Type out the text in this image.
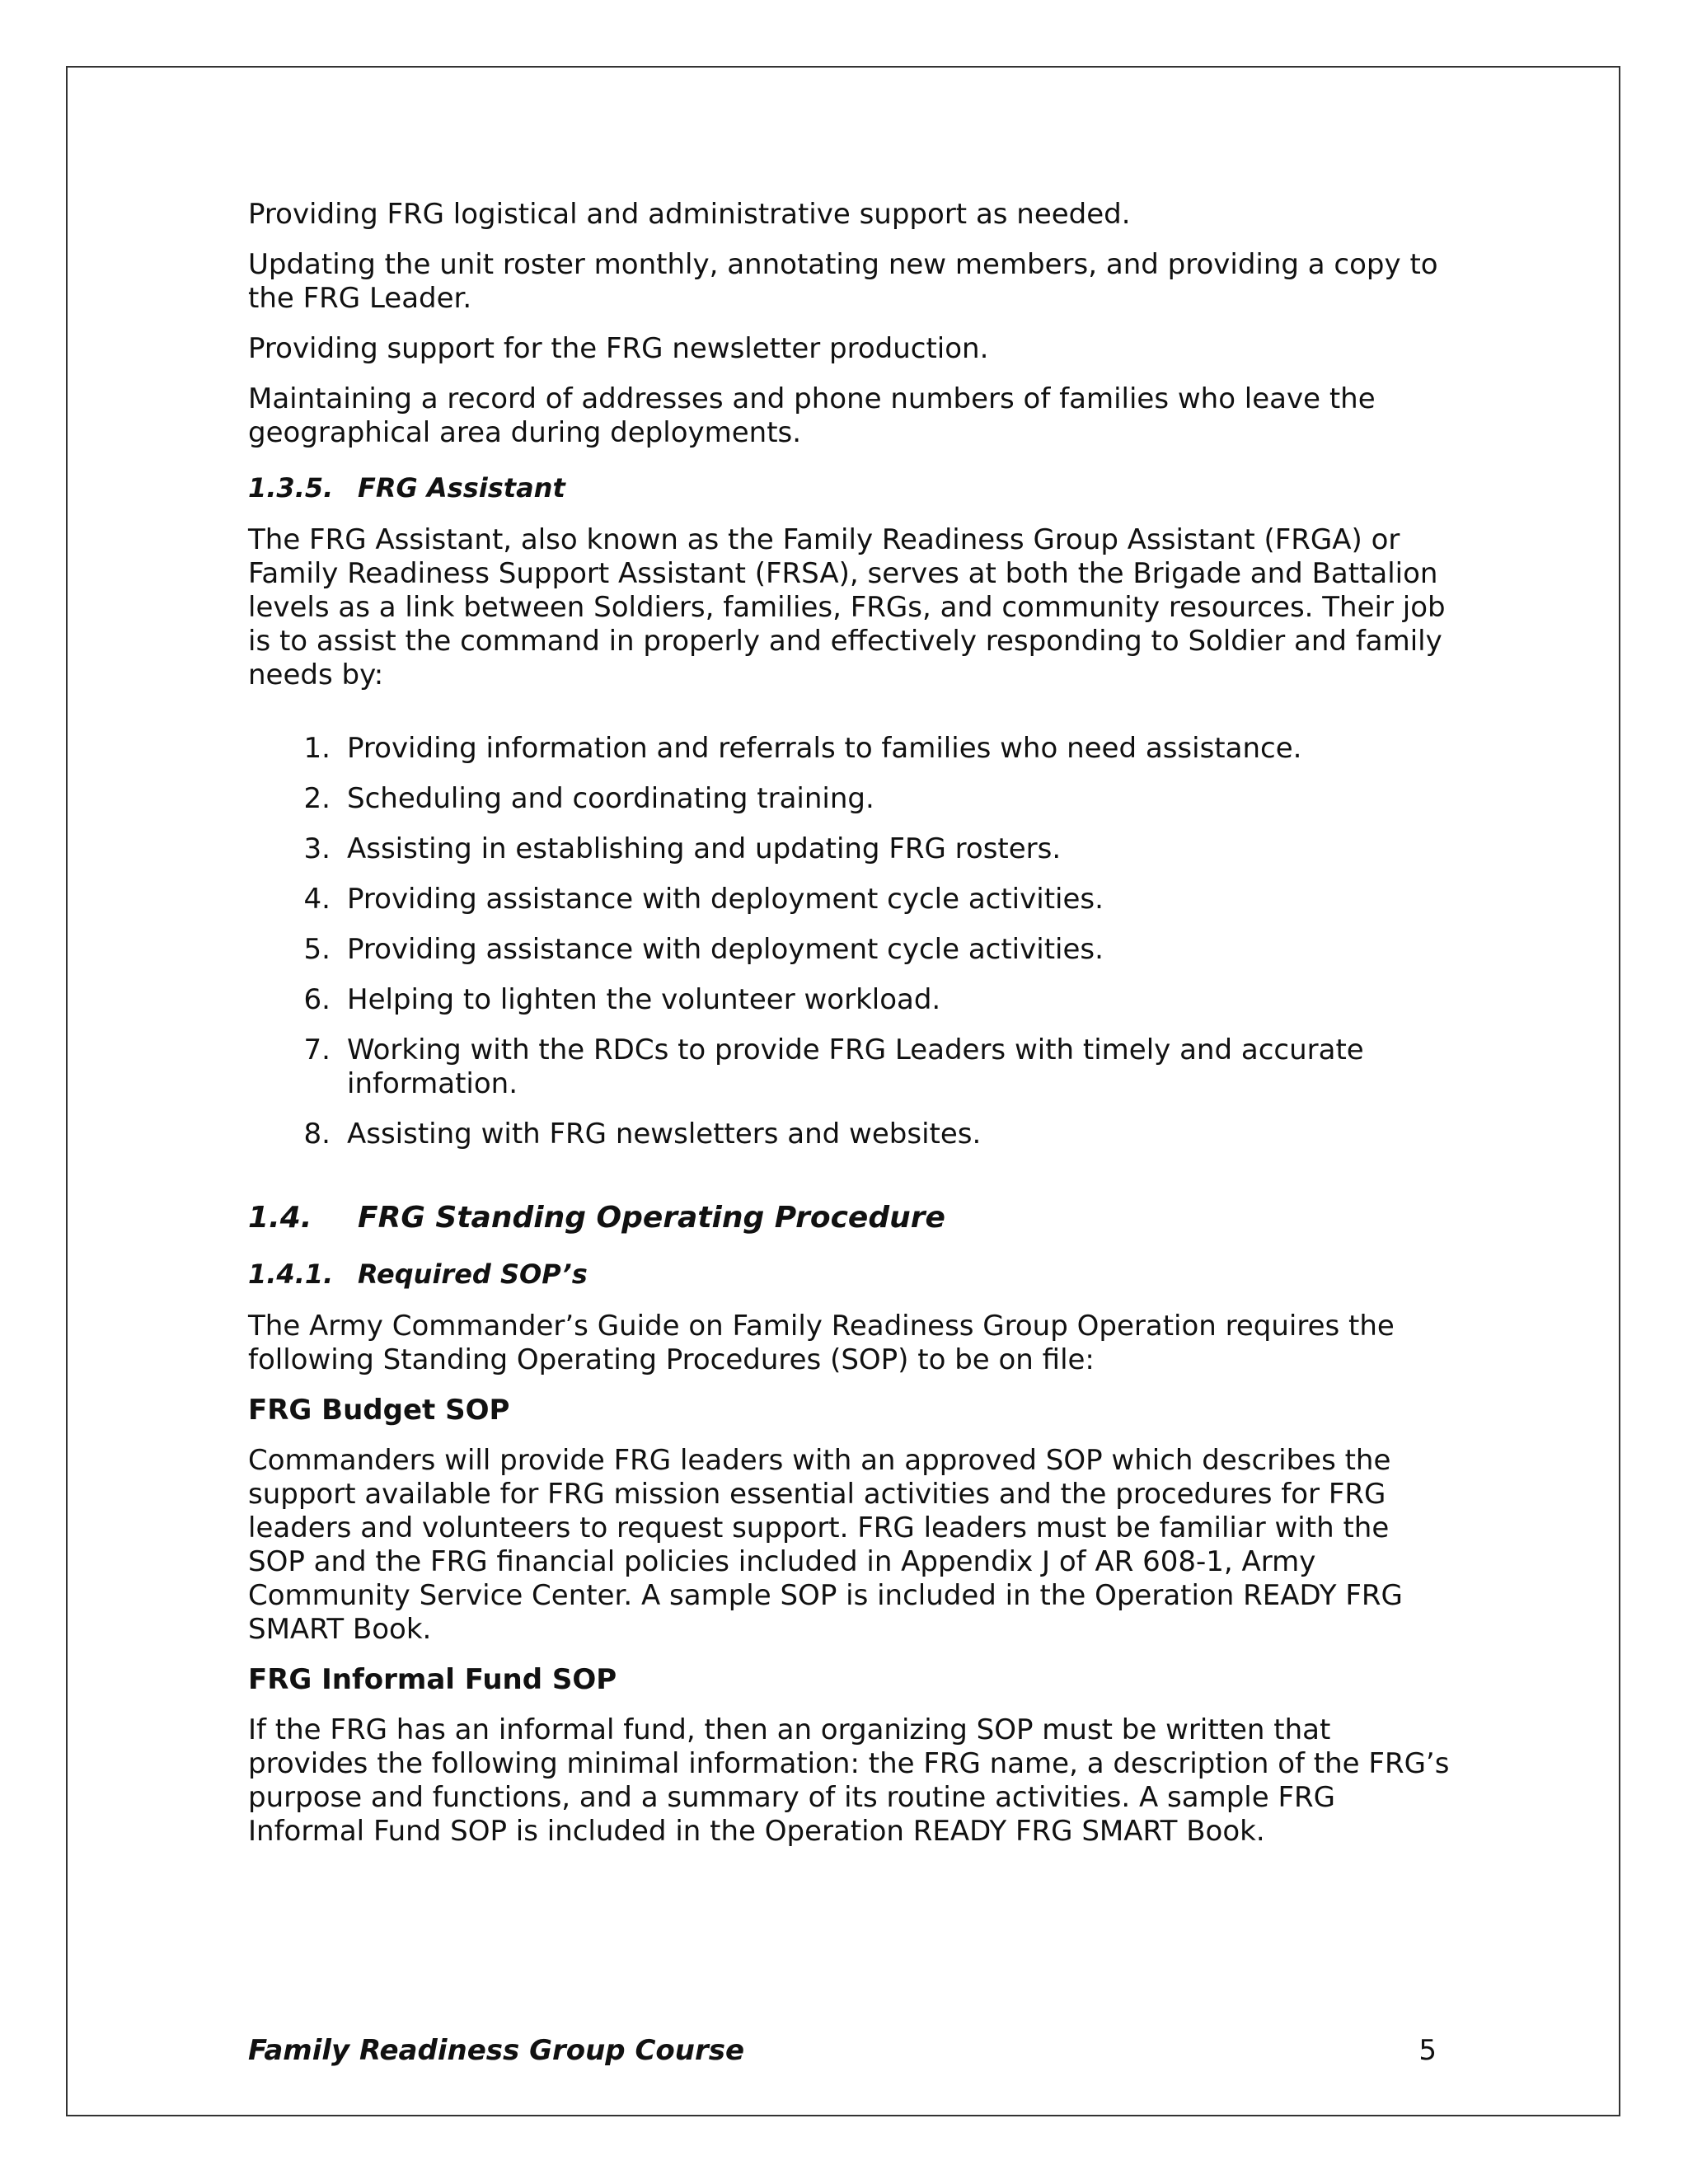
Providing FRG logistical and administrative support as needed.

Updating the unit roster monthly, annotating new members, and providing a copy to the FRG Leader.

Providing support for the FRG newsletter production.

Maintaining a record of addresses and phone numbers of families who leave the geographical area during deployments.

1.3.5. FRG Assistant

The FRG Assistant, also known as the Family Readiness Group Assistant (FRGA) or Family Readiness Support Assistant (FRSA), serves at both the Brigade and Battalion levels as a link between Soldiers, families, FRGs, and community resources. Their job is to assist the command in properly and effectively responding to Soldier and family needs by:

1. Providing information and referrals to families who need assistance.
2. Scheduling and coordinating training.
3. Assisting in establishing and updating FRG rosters.
4. Providing assistance with deployment cycle activities.
5. Providing assistance with deployment cycle activities.
6. Helping to lighten the volunteer workload.
7. Working with the RDCs to provide FRG Leaders with timely and accurate information.
8. Assisting with FRG newsletters and websites.
1.4. FRG Standing Operating Procedure
1.4.1. Required SOP’s

The Army Commander’s Guide on Family Readiness Group Operation requires the following Standing Operating Procedures (SOP) to be on file:

FRG Budget SOP

Commanders will provide FRG leaders with an approved SOP which describes the support available for FRG mission essential activities and the procedures for FRG leaders and volunteers to request support. FRG leaders must be familiar with the SOP and the FRG financial policies included in Appendix J of AR 608-1, Army Community Service Center. A sample SOP is included in the Operation READY FRG SMART Book.

FRG Informal Fund SOP

If the FRG has an informal fund, then an organizing SOP must be written that provides the following minimal information: the FRG name, a description of the FRG’s purpose and functions, and a summary of its routine activities. A sample FRG Informal Fund SOP is included in the Operation READY FRG SMART Book.

Family Readiness Group Course	5
